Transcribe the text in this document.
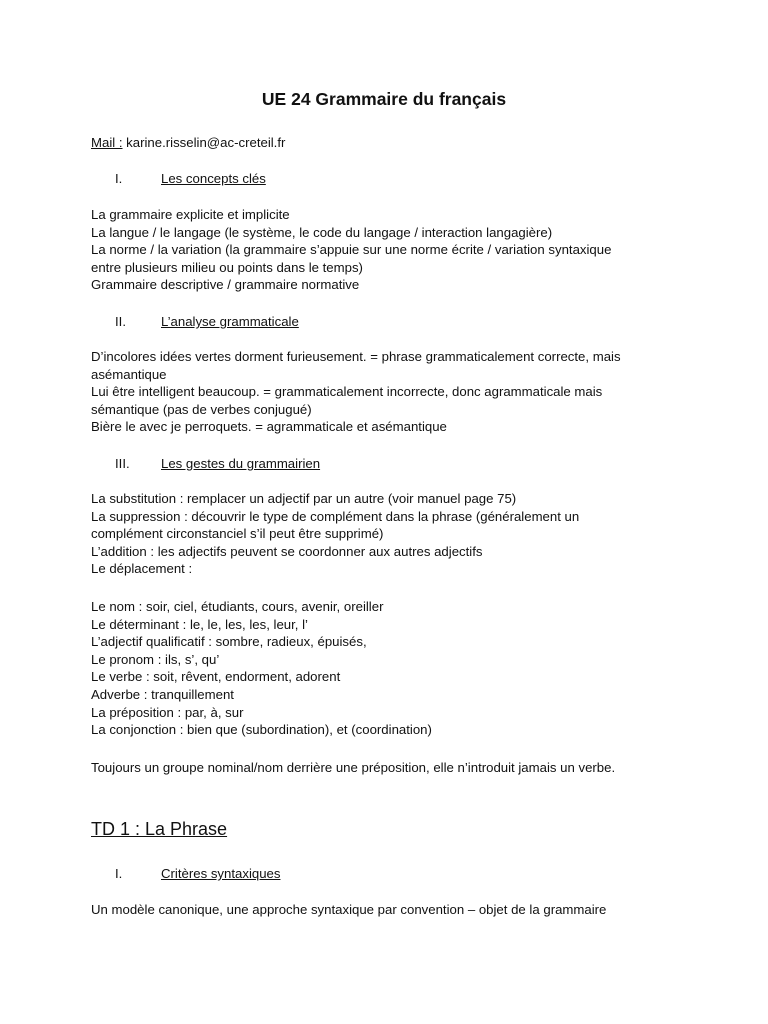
UE 24 Grammaire du français
Mail : karine.risselin@ac-creteil.fr
I.	Les concepts clés
La grammaire explicite et implicite
La langue / le langage (le système, le code du langage / interaction langagière)
La norme / la variation (la grammaire s’appuie sur une norme écrite / variation syntaxique
entre plusieurs milieu ou points dans le temps)
Grammaire descriptive / grammaire normative
II.	L’analyse grammaticale
D’incolores idées vertes dorment furieusement. = phrase grammaticalement correcte, mais
asémantique
Lui être intelligent beaucoup. = grammaticalement incorrecte, donc agrammaticale mais
sémantique (pas de verbes conjugué)
Bière le avec je perroquets. = agrammaticale et asémantique
III. Les gestes du grammairien
La substitution : remplacer un adjectif par un autre (voir manuel page 75)
La suppression : découvrir le type de complément dans la phrase (généralement un
complément circonstanciel s’il peut être supprimé)
L’addition : les adjectifs peuvent se coordonner aux autres adjectifs
Le déplacement :
Le nom : soir, ciel, étudiants, cours, avenir, oreiller
Le déterminant : le, le, les, les, leur, l’
L’adjectif qualificatif : sombre, radieux, épuisés,
Le pronom : ils, s’, qu’
Le verbe : soit, rêvent, endorment, adorent
Adverbe : tranquillement
La préposition : par, à, sur
La conjonction : bien que (subordination), et (coordination)
Toujours un groupe nominal/nom derrière une préposition, elle n’introduit jamais un verbe.
TD 1 : La Phrase
I.	Critères syntaxiques
Un modèle canonique, une approche syntaxique par convention – objet de la grammaire
